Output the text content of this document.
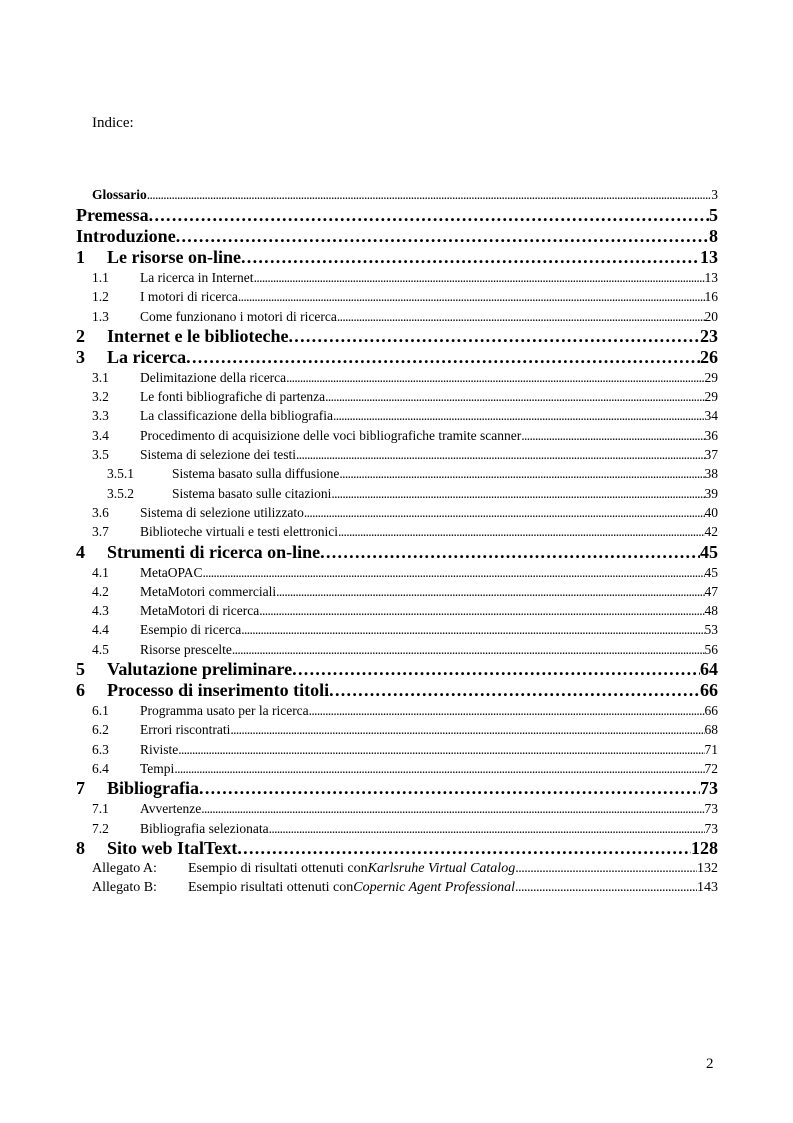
Indice:
Glossario . . .	3
Premessa . . .	5
Introduzione . . .	8
1	Le risorse on-line . . .	13
1.1	La ricerca in Internet . . .	13
1.2	I motori di ricerca . . .	16
1.3	Come funzionano i motori di ricerca . . .	20
2	Internet e le biblioteche . . .	23
3	La ricerca . . .	26
3.1	Delimitazione della ricerca . . .	29
3.2	Le fonti bibliografiche di partenza . . .	29
3.3	La classificazione della bibliografia . . .	34
3.4	Procedimento di acquisizione delle voci bibliografiche tramite scanner . . .	36
3.5	Sistema di selezione dei testi . . .	37
3.5.1	Sistema basato sulla diffusione . . .	38
3.5.2	Sistema basato sulle citazioni . . .	39
3.6	Sistema di selezione utilizzato . . .	40
3.7	Biblioteche virtuali e testi elettronici . . .	42
4	Strumenti di ricerca on-line . . .	45
4.1	MetaOPAC . . .	45
4.2	MetaMotori commerciali . . .	47
4.3	MetaMotori di ricerca . . .	48
4.4	Esempio di ricerca . . .	53
4.5	Risorse prescelte . . .	56
5	Valutazione preliminare . . .	64
6	Processo di inserimento titoli . . .	66
6.1	Programma usato per la ricerca . . .	66
6.2	Errori riscontrati . . .	68
6.3	Riviste . . .	71
6.4	Tempi . . .	72
7	Bibliografia . . .	73
7.1	Avvertenze . . .	73
7.2	Bibliografia selezionata . . .	73
8	Sito web ItalText . . .	128
Allegato A:	Esempio di risultati ottenuti con Karlsruhe Virtual Catalog . . .	132
Allegato B:	Esempio risultati ottenuti con Copernic Agent Professional . . .	143
2
